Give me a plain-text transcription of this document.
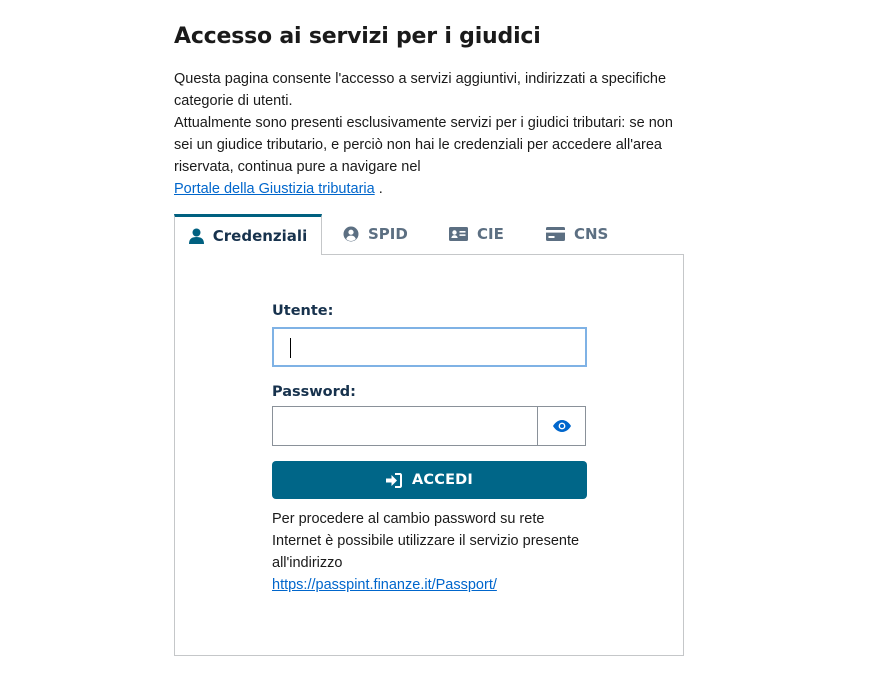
Accesso ai servizi per i giudici

Questa pagina consente l'accesso a servizi aggiuntivi, indirizzati a specifiche categorie di utenti.

Attualmente sono presenti esclusivamente servizi per i giudici tributari: se non sei un giudice tributario, e perciò non hai le credenziali per accedere all'area riservata, continua pure a navigare nel
Portale della Giustizia tributaria .

Credenziali	SPID	CIE	CNS
Utente:
Password:
ACCEDI
Per procedere al cambio password su rete Internet è possibile utilizzare il servizio presente all'indirizzo
https://passpint.finanze.it/Passport/
